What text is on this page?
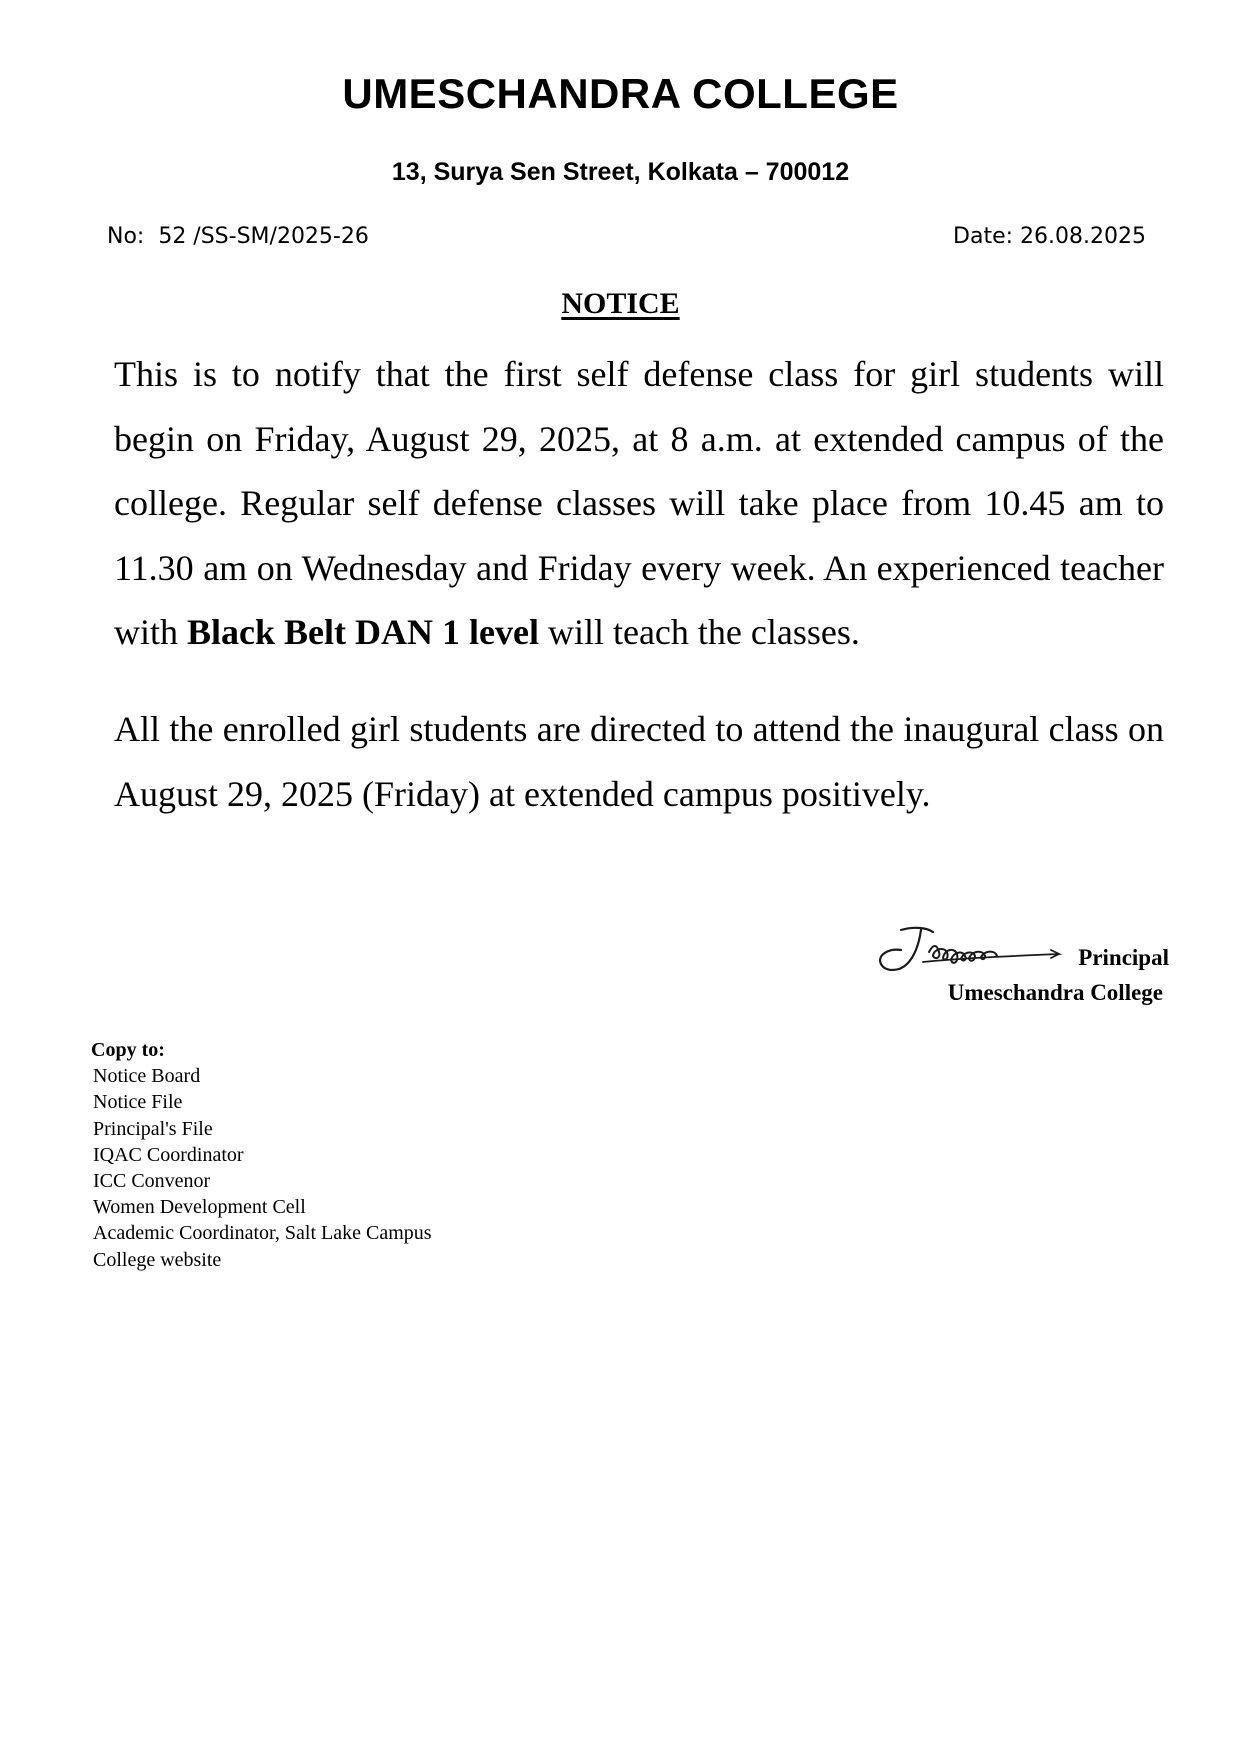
UMESCHANDRA COLLEGE
13, Surya Sen Street, Kolkata – 700012
No:  52 /SS-SM/2025-26	Date: 26.08.2025
NOTICE

This is to notify that the first self defense class for girl students will begin on Friday, August 29, 2025, at 8 a.m. at extended campus of the college. Regular self defense classes will take place from 10.45 am to 11.30 am on Wednesday and Friday every week. An experienced teacher with Black Belt DAN 1 level will teach the classes.

All the enrolled girl students are directed to attend the inaugural class on August 29, 2025 (Friday) at extended campus positively.

Principal
Umeschandra College
Copy to:
Notice Board
Notice File
Principal's File
IQAC Coordinator
ICC Convenor
Women Development Cell
Academic Coordinator, Salt Lake Campus
College website
